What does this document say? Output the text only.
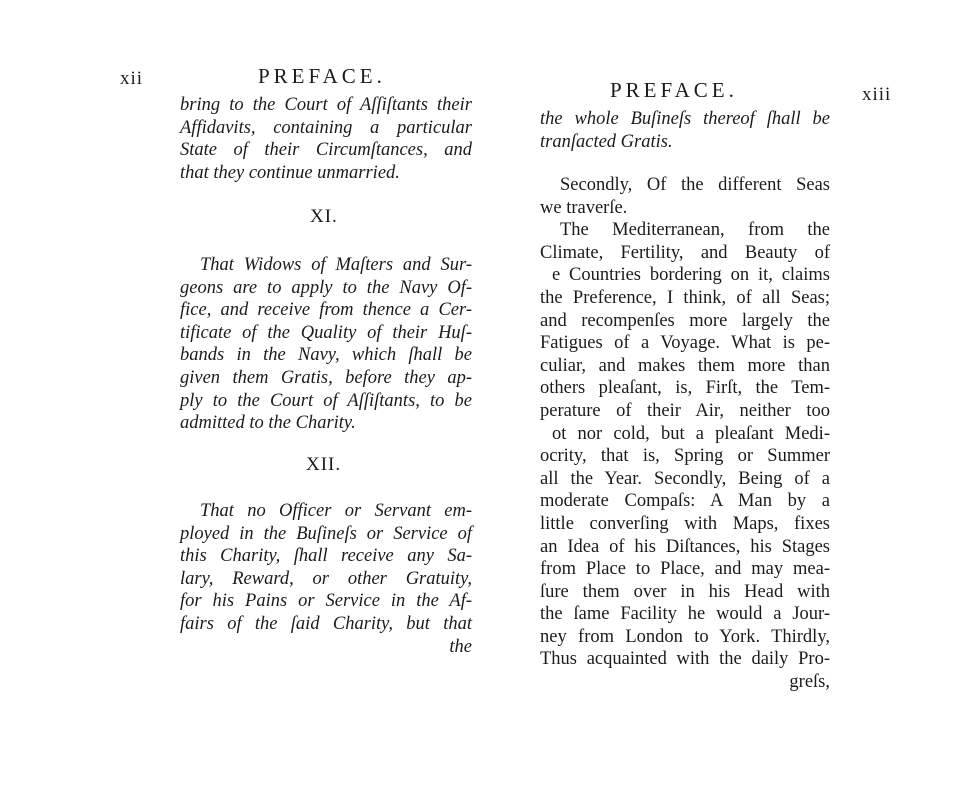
xii	PREFACE.
bring to the Court of Aſſiſtants their
Affidavits, containing a particular
State of their Circumſtances, and
that they continue unmarried.
XI.
That Widows of Maſters and Sur-
geons are to apply to the Navy Of-
fice, and receive from thence a Cer-
tificate of the Quality of their Huſ-
bands in the Navy, which ſhall be
given them Gratis, before they ap-
ply to the Court of Aſſiſtants, to be
admitted to the Charity.
XII.
That no Officer or Servant em-
ployed in the Buſineſs or Service of
this Charity, ſhall receive any Sa-
lary, Reward, or other Gratuity,
for his Pains or Service in the Af-
fairs of the ſaid Charity, but that
the
PREFACE.	xiii
the whole Buſineſs thereof ſhall be
tranſacted Gratis.
Secondly, Of the different Seas
we traverſe.
The Mediterranean, from the
Climate, Fertility, and Beauty of
e Countries bordering on it, claims
the Preference, I think, of all Seas;
and recompenſes more largely the
Fatigues of a Voyage. What is pe-
culiar, and makes them more than
others pleaſant, is, Firſt, the Tem-
perature of their Air, neither too
ot nor cold, but a pleaſant Medi-
ocrity, that is, Spring or Summer
all the Year. Secondly, Being of a
moderate Compaſs: A Man by a
little converſing with Maps, fixes
an Idea of his Diſtances, his Stages
from Place to Place, and may mea-
ſure them over in his Head with
the ſame Facility he would a Jour-
ney from London to York. Thirdly,
Thus acquainted with the daily Pro-
greſs,
